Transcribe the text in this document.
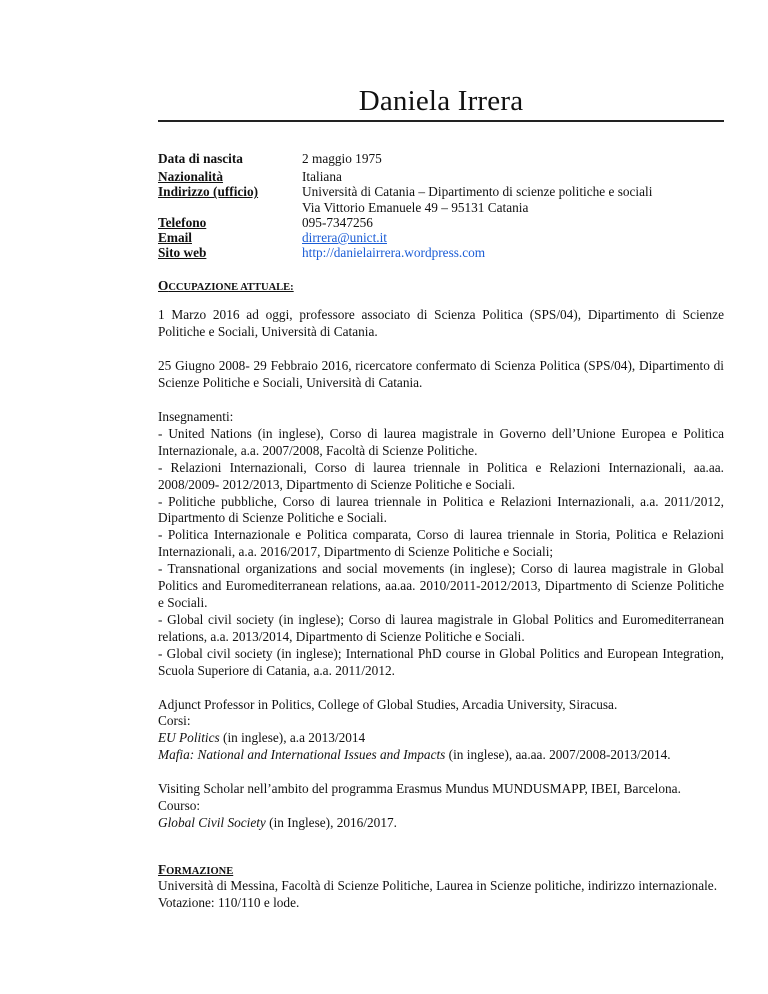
Daniela Irrera
Data di nascita	2 maggio 1975
Nazionalità	Italiana
Indirizzo (ufficio)	Università di Catania – Dipartimento di scienze politiche e sociali
Via Vittorio Emanuele 49 – 95131 Catania
Telefono	095-7347256
Email	dirrera@unict.it
Sito web	http://danielairrera.wordpress.com
OCCUPAZIONE ATTUALE:

1 Marzo 2016 ad oggi, professore associato di Scienza Politica (SPS/04), Dipartimento di Scienze Politiche e Sociali, Università di Catania.

25 Giugno 2008- 29 Febbraio 2016, ricercatore confermato di Scienza Politica (SPS/04), Dipartimento di Scienze Politiche e Sociali, Università di Catania.

Insegnamenti:

- United Nations (in inglese), Corso di laurea magistrale in Governo dell’Unione Europea e Politica Internazionale, a.a. 2007/2008, Facoltà di Scienze Politiche.

- Relazioni Internazionali, Corso di laurea triennale in Politica e Relazioni Internazionali, aa.aa. 2008/2009- 2012/2013, Dipartmento di Scienze Politiche e Sociali.

- Politiche pubbliche, Corso di laurea triennale in Politica e Relazioni Internazionali, a.a. 2011/2012, Dipartmento di Scienze Politiche e Sociali.

- Politica Internazionale e Politica comparata, Corso di laurea triennale in Storia, Politica e Relazioni Internazionali, a.a. 2016/2017, Dipartmento di Scienze Politiche e Sociali;

- Transnational organizations and social movements (in inglese); Corso di laurea magistrale in Global Politics and Euromediterranean relations, aa.aa. 2010/2011-2012/2013, Dipartmento di Scienze Politiche e Sociali.

- Global civil society (in inglese); Corso di laurea magistrale in Global Politics and Euromediterranean relations, a.a. 2013/2014, Dipartmento di Scienze Politiche e Sociali.

- Global civil society (in inglese); International PhD course in Global Politics and European Integration, Scuola Superiore di Catania, a.a. 2011/2012.

Adjunct Professor in Politics, College of Global Studies, Arcadia University, Siracusa.

Corsi:

EU Politics (in inglese), a.a 2013/2014

Mafia: National and International Issues and Impacts (in inglese), aa.aa. 2007/2008-2013/2014.

Visiting Scholar nell’ambito del programma Erasmus Mundus MUNDUSMAPP, IBEI, Barcelona.

Courso:

Global Civil Society (in Inglese), 2016/2017.

FORMAZIONE

Università di Messina, Facoltà di Scienze Politiche, Laurea in Scienze politiche, indirizzo internazionale. Votazione: 110/110 e lode.
